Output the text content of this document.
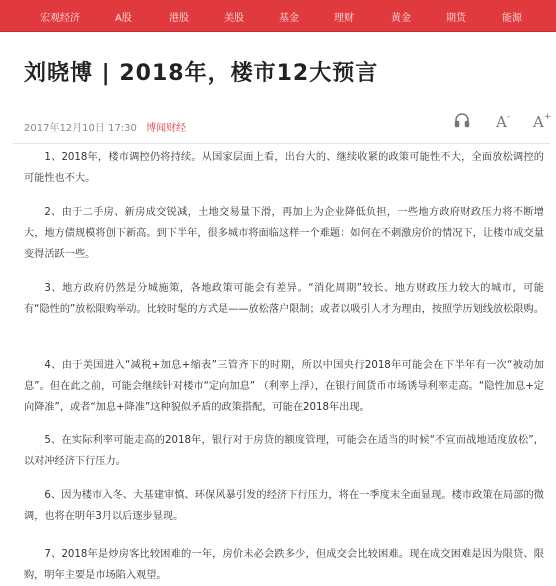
宏观经济	A股	港股	美股	基金	理财	黄金	期货	能源
刘晓博 | 2018年，楼市12大预言
2017年12月10日 17:30 博闻财经	A- A+

1、2018年，楼市调控仍将持续。从国家层面上看，出台大的、继续收紧的政策可能性不大，全面放松调控的可能性也不大。

2、由于二手房、新房成交锐减，土地交易量下滑，再加上为企业降低负担，一些地方政府财政压力将不断增大，地方债规模将创下新高。到下半年，很多城市将面临这样一个难题：如何在不刺激房价的情况下，让楼市成交量变得活跃一些。

3、地方政府仍然是分城施策，各地政策可能会有差异。“消化周期”较长、地方财政压力较大的城市，可能有“隐性的”放松限购举动。比较时髦的方式是——放松落户限制；或者以吸引人才为理由，按照学历划线放松限购。

4、由于美国进入“减税+加息+缩表”三管齐下的时期，所以中国央行2018年可能会在下半年有一次“被动加息”。但在此之前，可能会继续针对楼市“定向加息” （利率上浮），在银行间货币市场诱导利率走高。“隐性加息+定向降准”，或者“加息+降准”这种貌似矛盾的政策搭配，可能在2018年出现。

5、在实际利率可能走高的2018年，银行对于房贷的额度管理，可能会在适当的时候“不宣而战地适度放松”，以对冲经济下行压力。

6、因为楼市入冬、大基建审慎、环保风暴引发的经济下行压力，将在一季度末全面显现。楼市政策在局部的微调，也将在明年3月以后逐步显现。

7、2018年是炒房客比较困难的一年，房价未必会跌多少，但成交会比较困难。现在成交困难是因为限贷、限购，明年主要是市场陷入观望。
